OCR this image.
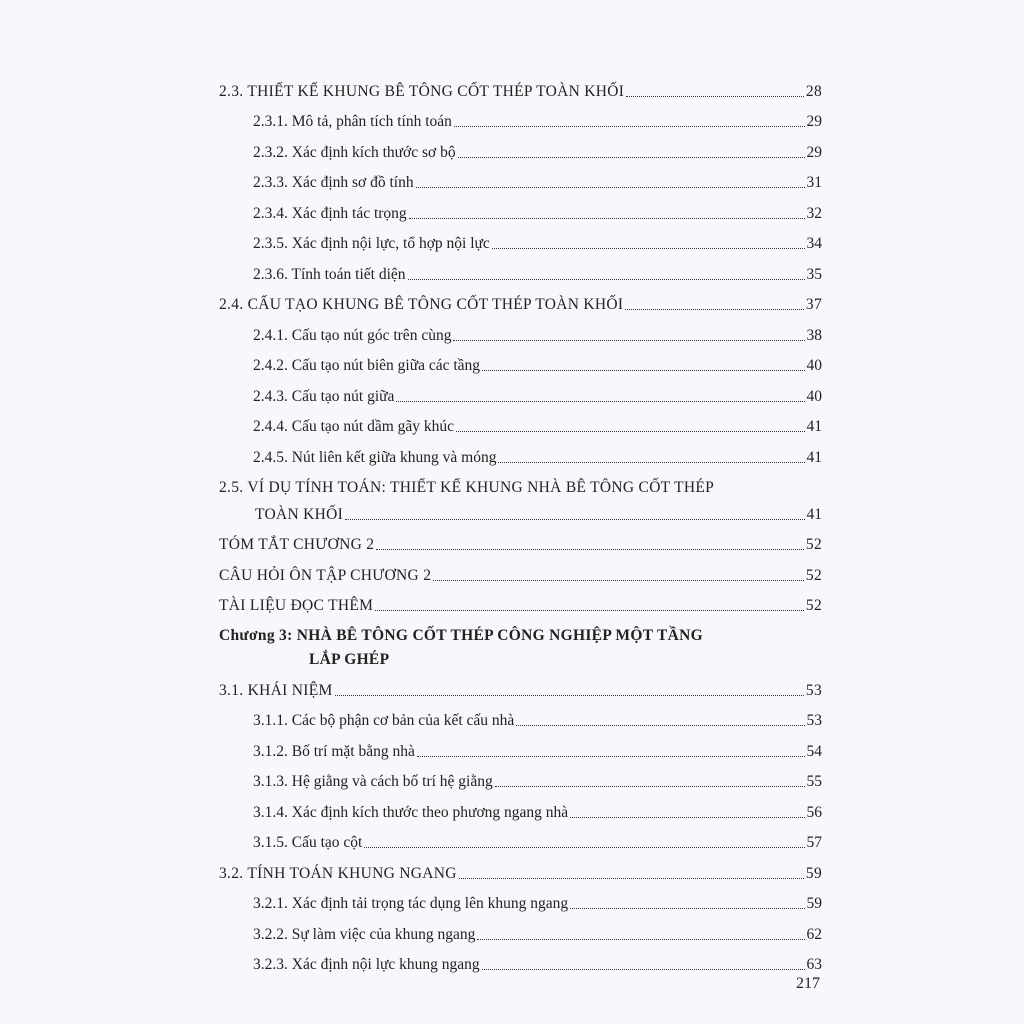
2.3. THIẾT KẾ KHUNG BÊ TÔNG CỐT THÉP TOÀN KHỐI	28
2.3.1. Mô tả, phân tích tính toán	29
2.3.2. Xác định kích thước sơ bộ	29
2.3.3. Xác định sơ đồ tính	31
2.3.4. Xác định tác trọng	32
2.3.5. Xác định nội lực, tổ hợp nội lực	34
2.3.6. Tính toán tiết diện	35
2.4. CẤU TẠO KHUNG BÊ TÔNG CỐT THÉP TOÀN KHỐI	37
2.4.1. Cấu tạo nút góc trên cùng	38
2.4.2. Cấu tạo nút biên giữa các tầng	40
2.4.3. Cấu tạo nút giữa	40
2.4.4. Cấu tạo nút dầm gãy khúc	41
2.4.5. Nút liên kết giữa khung và móng	41
2.5. VÍ DỤ TÍNH TOÁN: THIẾT KẾ KHUNG NHÀ BÊ TÔNG CỐT THÉP
TOÀN KHỐI	41
TÓM TẮT CHƯƠNG 2	52
CÂU HỎI ÔN TẬP CHƯƠNG 2	52
TÀI LIỆU ĐỌC THÊM	52
Chương 3: NHÀ BÊ TÔNG CỐT THÉP CÔNG NGHIỆP MỘT TẦNG
LẮP GHÉP
3.1. KHÁI NIỆM	53
3.1.1. Các bộ phận cơ bản của kết cấu nhà	53
3.1.2. Bố trí mặt bằng nhà	54
3.1.3. Hệ giằng và cách bố trí hệ giằng	55
3.1.4. Xác định kích thước theo phương ngang nhà	56
3.1.5. Cấu tạo cột	57
3.2. TÍNH TOÁN KHUNG NGANG	59
3.2.1. Xác định tải trọng tác dụng lên khung ngang	59
3.2.2. Sự làm việc của khung ngang	62
3.2.3. Xác định nội lực khung ngang	63
217
